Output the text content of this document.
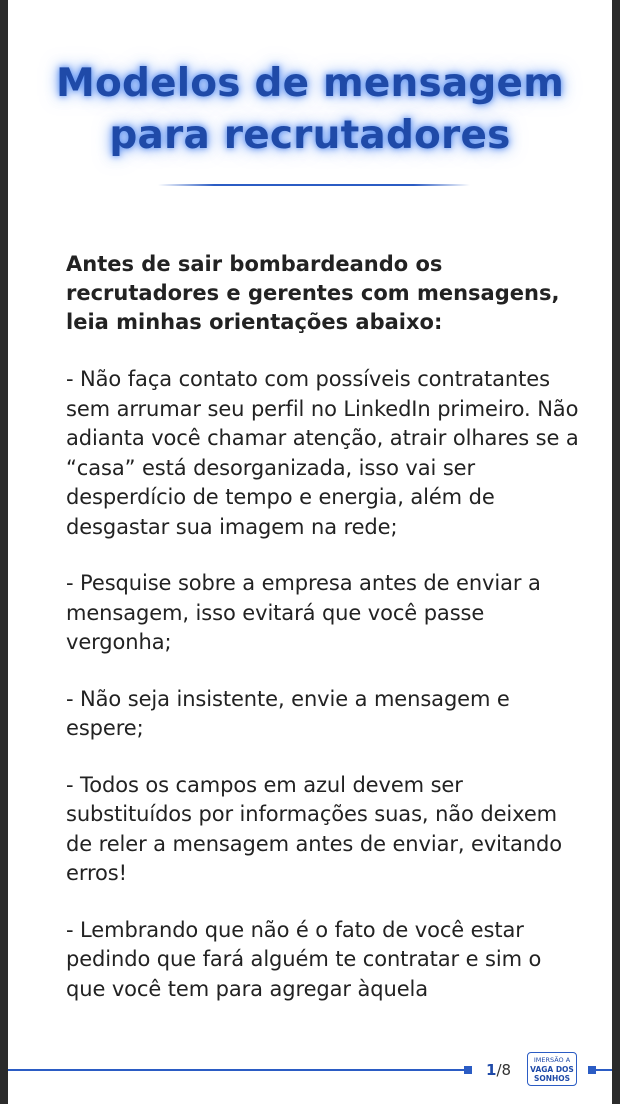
Modelos de mensagem
para recrutadores

Antes de sair bombardeando os recrutadores e gerentes com mensagens, leia minhas orientações abaixo:

- Não faça contato com possíveis contratantes sem arrumar seu perfil no LinkedIn primeiro. Não adianta você chamar atenção, atrair olhares se a “casa” está desorganizada, isso vai ser desperdício de tempo e energia, além de desgastar sua imagem na rede;

- Pesquise sobre a empresa antes de enviar a mensagem, isso evitará que você passe vergonha;

- Não seja insistente, envie a mensagem e espere;

- Todos os campos em azul devem ser substituídos por informações suas, não deixem de reler a mensagem antes de enviar, evitando erros!

- Lembrando que não é o fato de você estar pedindo que fará alguém te contratar e sim o que você tem para agregar àquela

1/8
IMERSÃO A
VAGA DOS
SONHOS
